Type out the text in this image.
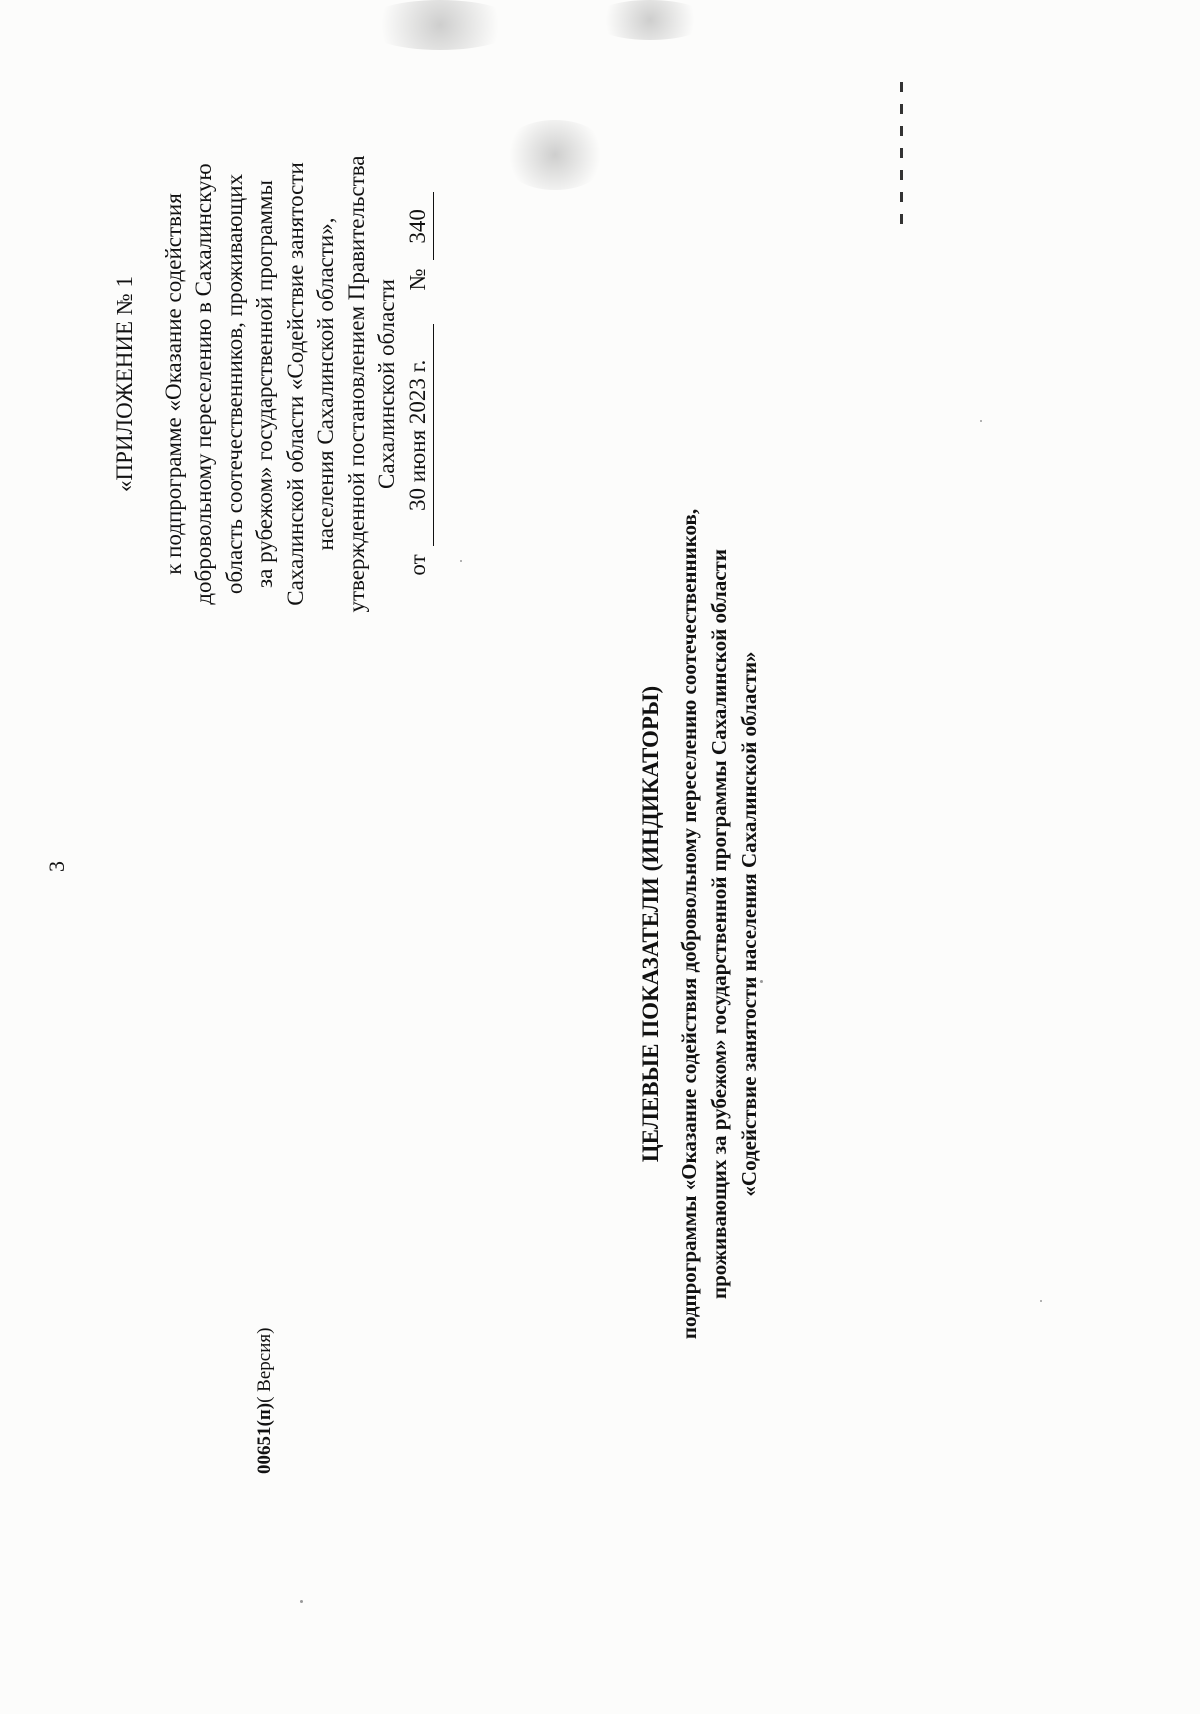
3
«ПРИЛОЖЕНИЕ № 1 к подпрограмме «Оказание содействия добровольному переселению в Сахалинскую область соотечественников, проживающих за рубежом» государственной программы Сахалинской области «Содействие занятости населения Сахалинской области», утвержденной постановлением Правительства Сахалинской области
от
30 июня 2023 г.
№
340
ЦЕЛЕВЫЕ ПОКАЗАТЕЛИ (ИНДИКАТОРЫ) подпрограммы «Оказание содействия добровольному переселению соотечественников, проживающих за рубежом» государственной программы Сахалинской области «Содействие занятости населения Сахалинской области»
00651(п)( Версия)
